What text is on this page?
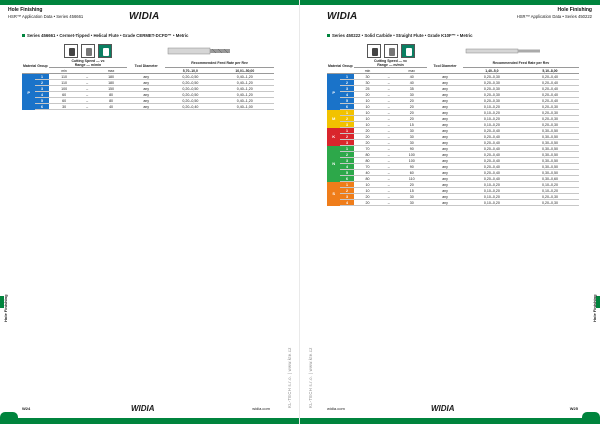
Hole Finishing
HSR™ Application Data • Series 456661	WIDIA
Series 456661 • Cermet-Tipped • Helical Flute • Grade CERMET-DCFD™ • Metric

Material Group		Cutting Speed — vc
Range — m/min			Tool Diameter	Recommended Feed Rate per Rev	
		min		max		5,70–10,0	10,01–50,00
P	1	110	–	180	any	0,20–0,50	0,40–1,20
	2	110	–	180	any	0,20–0,50	0,40–1,20
	3	100	–	150	any	0,20–0,50	0,40–1,20
	4	60	–	80	any	0,20–0,50	0,40–1,20
	5	60	–	80	any	0,20–0,50	0,40–1,20
	6	30	–	40	any	0,20–0,40	0,40–1,00
Hole Finishing
W24	WIDIA	widia.com
KL-TECH s.r.o. | www.kte.cz
Hole Finishing
HSR™ Application Data • Series 450222
WIDIA
Series 450222 • Solid Carbide • Straight Flute • Grade K10F™ • Metric

Material Group		Cutting Speed — vc
Range — m/min			Tool Diameter	Recommended Feed Rate per Rev	
		min		max		1,40–5,0	5,10–8,00
P	1	30	–	40	any	0,20–0,30	0,20–0,40
	2	30	–	40	any	0,20–0,30	0,20–0,40
	3	25	–	35	any	0,20–0,30	0,20–0,40
	4	20	–	30	any	0,20–0,30	0,20–0,40
	5	10	–	20	any	0,20–0,30	0,20–0,40
	6	10	–	20	any	0,10–0,20	0,20–0,30
M	1	10	–	20	any	0,10–0,20	0,20–0,30
	2	10	–	20	any	0,10–0,20	0,20–0,30
	3	10	–	15	any	0,10–0,20	0,20–0,30
K	1	20	–	30	any	0,20–0,40	0,30–0,50
	2	20	–	30	any	0,20–0,40	0,30–0,50
	3	20	–	30	any	0,20–0,40	0,30–0,50
N	1	70	–	90	any	0,20–0,40	0,30–0,50
	2	80	–	100	any	0,20–0,40	0,30–0,50
	3	80	–	100	any	0,20–0,40	0,30–0,50
	4	70	–	90	any	0,20–0,40	0,30–0,50
	5	40	–	60	any	0,20–0,40	0,30–0,50
	6	80	–	110	any	0,20–0,40	0,30–0,60
S	1	10	–	20	any	0,10–0,20	0,10–0,20
	2	10	–	15	any	0,10–0,20	0,10–0,20
	3	20	–	30	any	0,10–0,20	0,20–0,30
	4	20	–	30	any	0,10–0,20	0,20–0,30
Hole Finishing
KL-TECH s.r.o. | www.kte.cz
widia.com	WIDIA	W25
